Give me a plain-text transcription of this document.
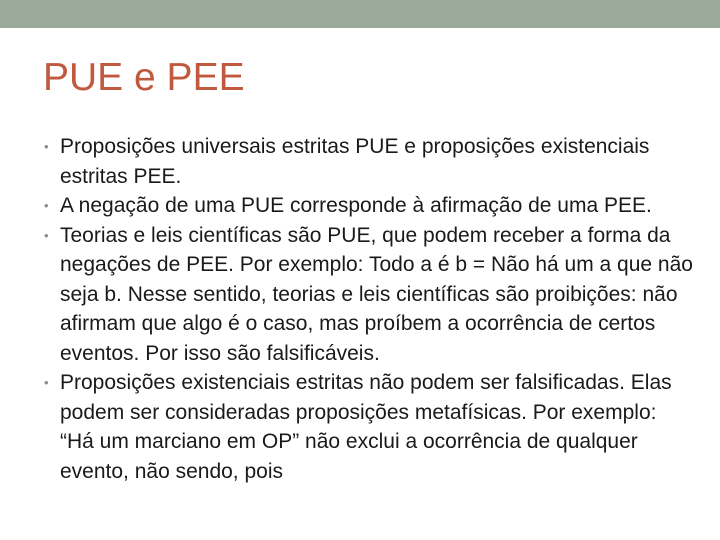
PUE e PEE
• Proposições universais estritas PUE e proposições existenciais estritas PEE.
• A negação de uma PUE corresponde à afirmação de uma PEE.
• Teorias e leis científicas são PUE, que podem receber a forma da negações de PEE. Por exemplo: Todo a é b = Não há um a que não seja b. Nesse sentido, teorias e leis científicas são proibições: não afirmam que algo é o caso, mas proíbem a ocorrência de certos eventos. Por isso são falsificáveis.
• Proposições existenciais estritas não podem ser falsificadas. Elas podem ser consideradas proposições metafísicas. Por exemplo: “Há um marciano em OP” não exclui a ocorrência de qualquer evento, não sendo, pois
